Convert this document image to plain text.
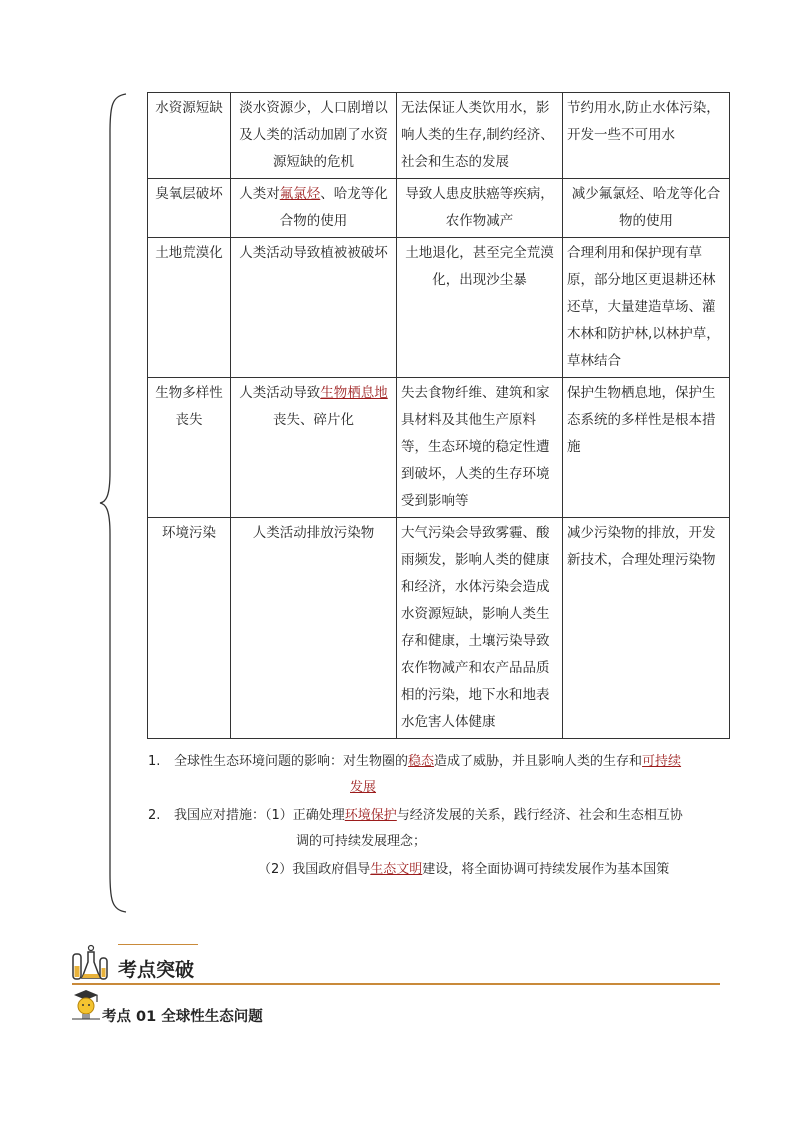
水资源短缺	淡水资源少，人口剧增以及人类的活动加剧了水资源短缺的危机	无法保证人类饮用水，影响人类的生存,制约经济、社会和生态的发展	节约用水,防止水体污染，开发一些不可用水
臭氧层破坏	人类对氟氯烃、哈龙等化合物的使用	导致人患皮肤癌等疾病，农作物减产	减少氟氯烃、哈龙等化合物的使用
土地荒漠化	人类活动导致植被被破坏	土地退化，甚至完全荒漠化，出现沙尘暴	合理利用和保护现有草原，部分地区更退耕还林还草，大量建造草场、灌木林和防护林,以林护草，草林结合
生物多样性丧失	人类活动导致生物栖息地丧失、碎片化	失去食物纤维、建筑和家具材料及其他生产原料等，生态环境的稳定性遭到破坏，人类的生存环境受到影响等	保护生物栖息地，保护生态系统的多样性是根本措施
环境污染	人类活动排放污染物	大气污染会导致雾霾、酸雨频发，影响人类的健康和经济，水体污染会造成水资源短缺，影响人类生存和健康，土壤污染导致农作物减产和农产品品质相的污染，地下水和地表水危害人体健康	减少污染物的排放，开发新技术，合理处理污染物
1. 全球性生态环境问题的影响：对生物圈的稳态造成了威胁，并且影响人类的生存和可持续
发展
2. 我国应对措施：（1）正确处理环境保护与经济发展的关系，践行经济、社会和生态相互协
调的可持续发展理念；
（2）我国政府倡导生态文明建设，将全面协调可持续发展作为基本国策
考点突破
考点 01 全球性生态问题
